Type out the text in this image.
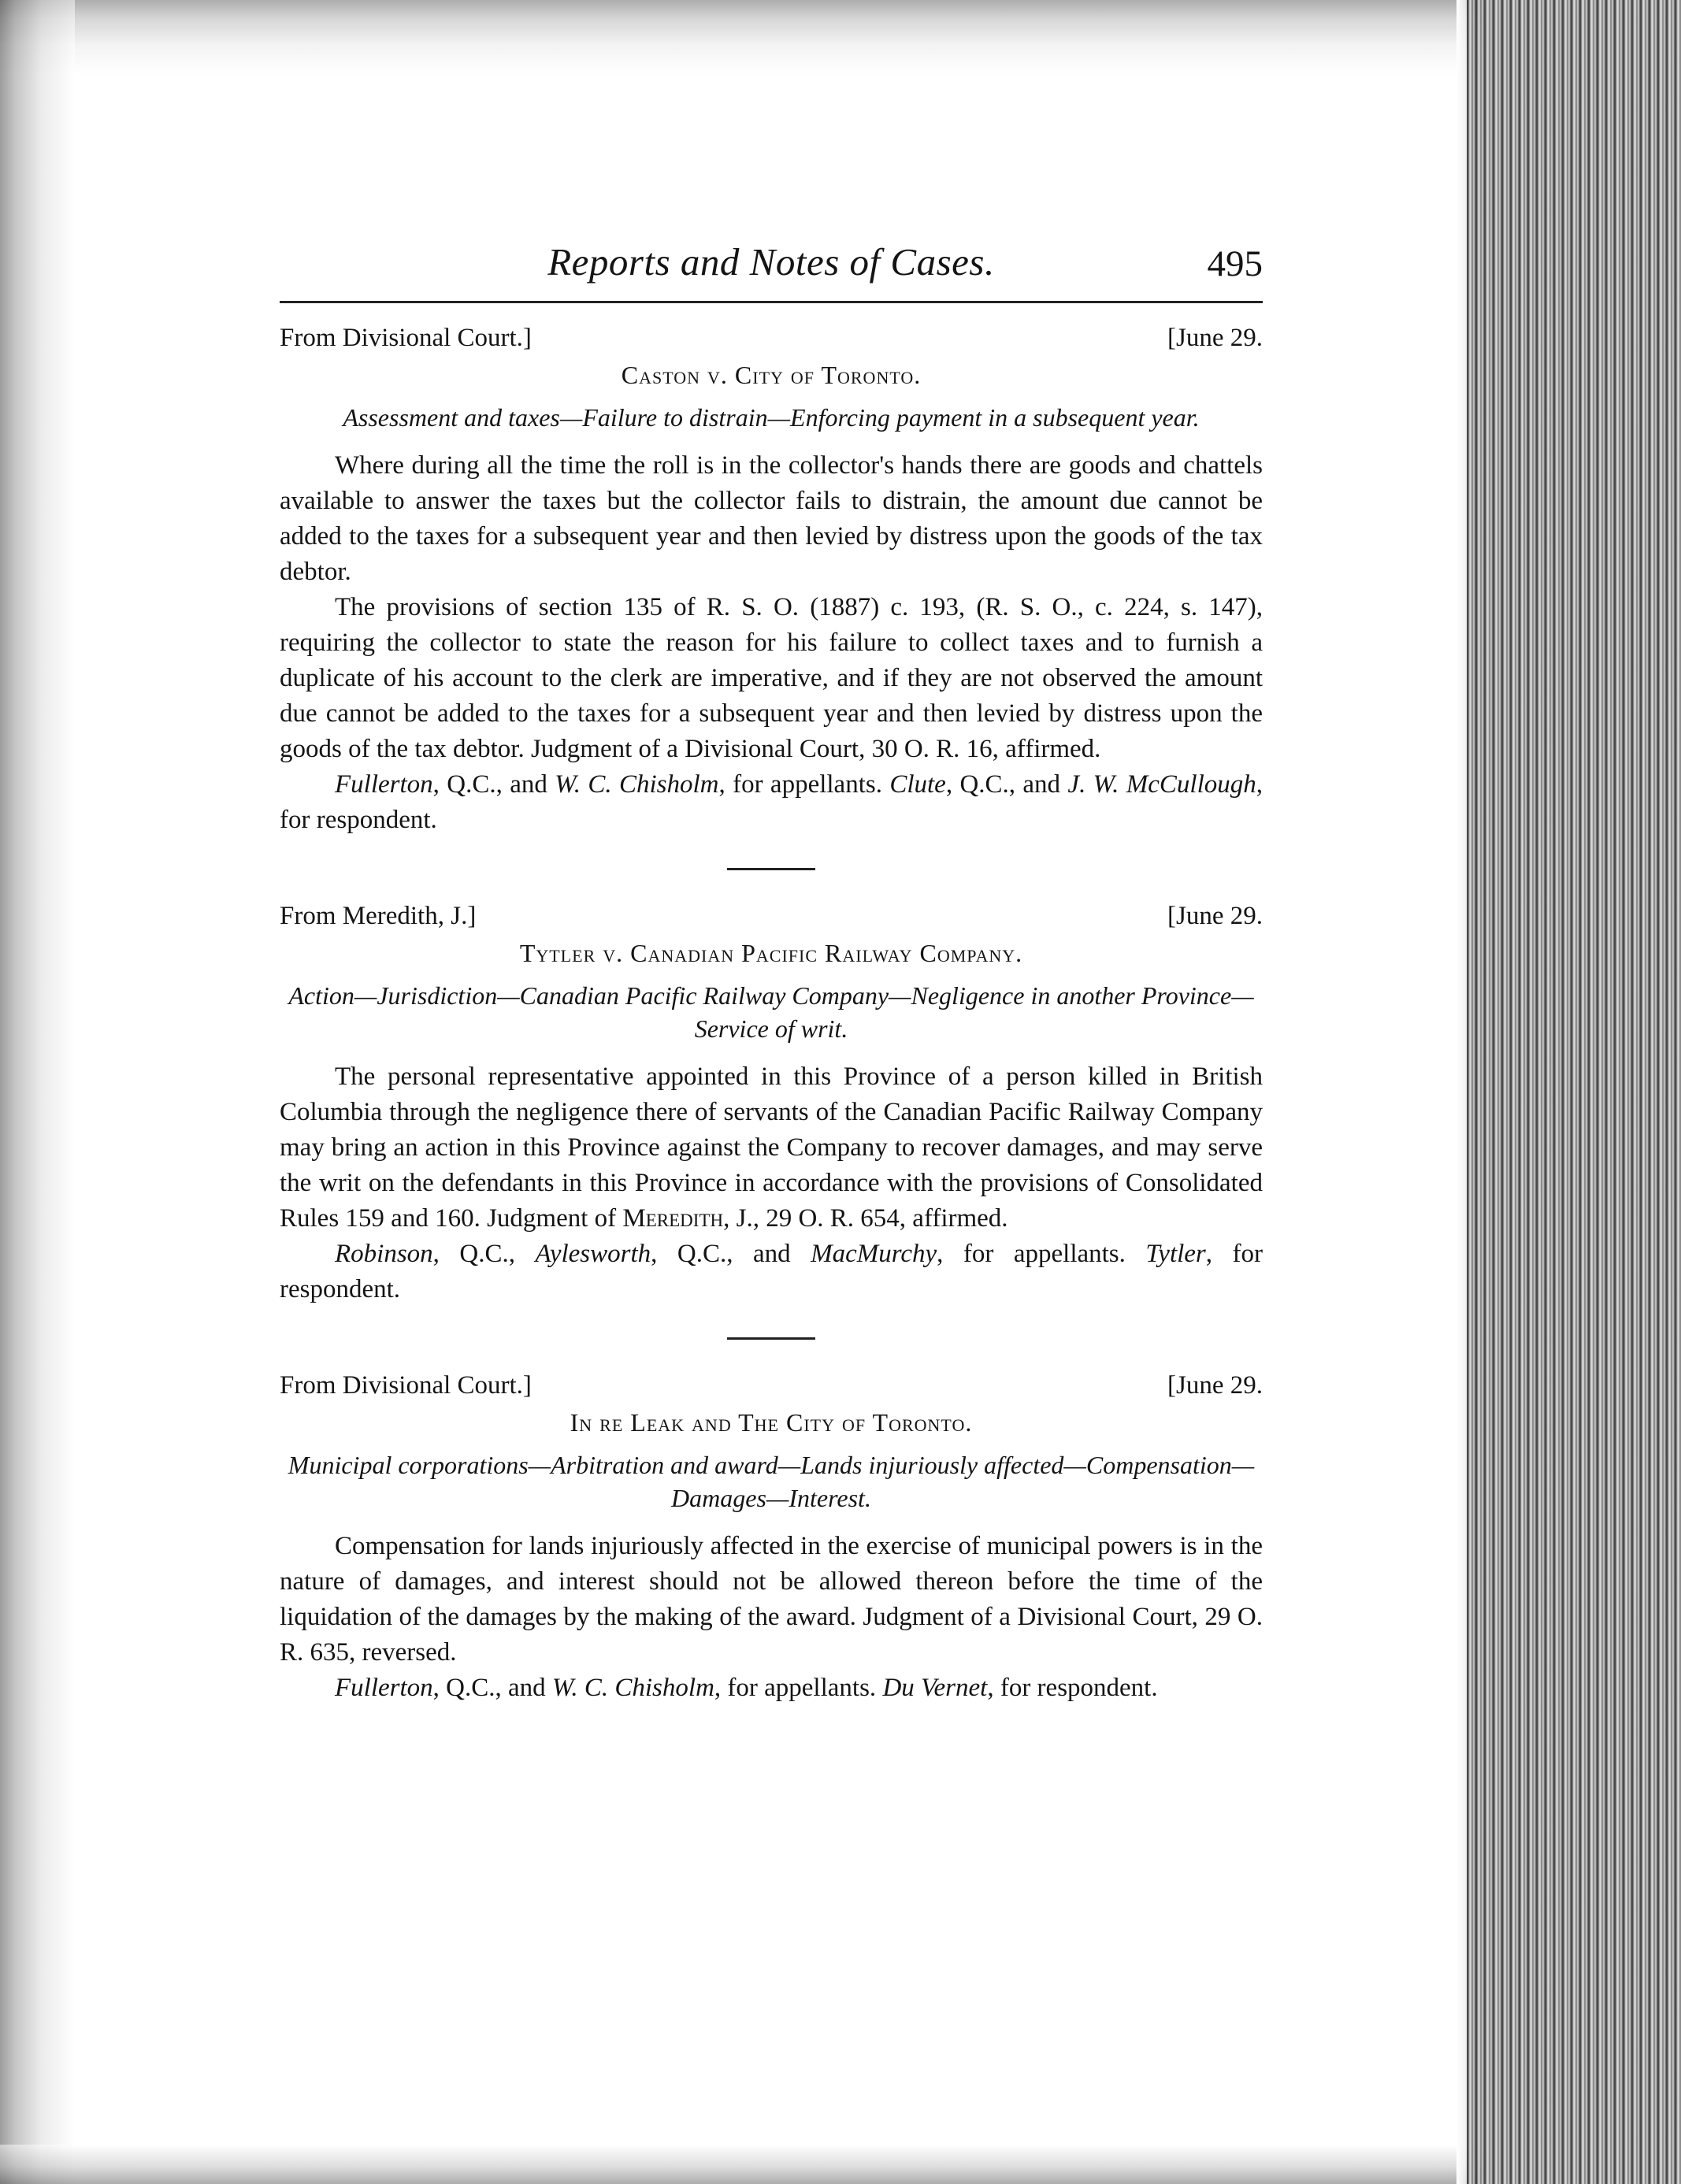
Reports and Notes of Cases.	495
From Divisional Court.]	[June 29.
Caston v. City of Toronto.
Assessment and taxes—Failure to distrain—Enforcing payment in a subsequent year.

Where during all the time the roll is in the collector's hands there are goods and chattels available to answer the taxes but the collector fails to distrain, the amount due cannot be added to the taxes for a subsequent year and then levied by distress upon the goods of the tax debtor.

The provisions of section 135 of R. S. O. (1887) c. 193, (R. S. O., c. 224, s. 147), requiring the collector to state the reason for his failure to collect taxes and to furnish a duplicate of his account to the clerk are imperative, and if they are not observed the amount due cannot be added to the taxes for a subsequent year and then levied by distress upon the goods of the tax debtor. Judgment of a Divisional Court, 30 O. R. 16, affirmed.

Fullerton, Q.C., and W. C. Chisholm, for appellants. Clute, Q.C., and J. W. McCullough, for respondent.

From Meredith, J.]	[June 29.
Tytler v. Canadian Pacific Railway Company.
Action—Jurisdiction—Canadian Pacific Railway Company—Negligence in another Province—Service of writ.

The personal representative appointed in this Province of a person killed in British Columbia through the negligence there of servants of the Canadian Pacific Railway Company may bring an action in this Province against the Company to recover damages, and may serve the writ on the defendants in this Province in accordance with the provisions of Consolidated Rules 159 and 160. Judgment of Meredith, J., 29 O. R. 654, affirmed.

Robinson, Q.C., Aylesworth, Q.C., and MacMurchy, for appellants. Tytler, for respondent.

From Divisional Court.]	[June 29.
In re Leak and The City of Toronto.
Municipal corporations—Arbitration and award—Lands injuriously affected—Compensation—Damages—Interest.

Compensation for lands injuriously affected in the exercise of municipal powers is in the nature of damages, and interest should not be allowed thereon before the time of the liquidation of the damages by the making of the award. Judgment of a Divisional Court, 29 O. R. 635, reversed.

Fullerton, Q.C., and W. C. Chisholm, for appellants. Du Vernet, for respondent.
